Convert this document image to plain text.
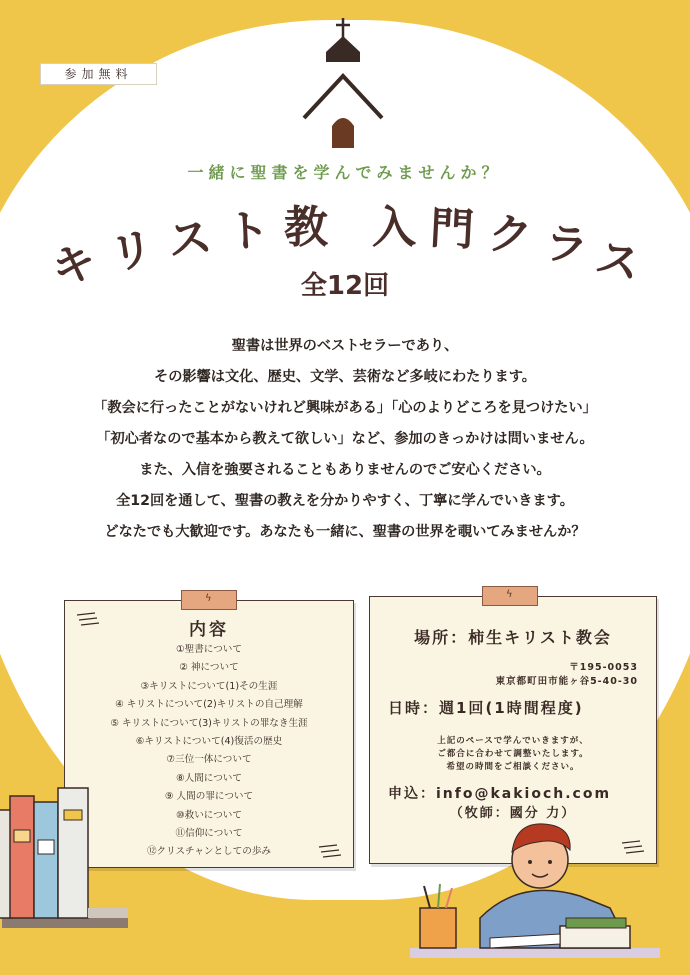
参加無料
一緒に聖書を学んでみませんか？
キ リ ス ト 教 入 門 ク ラ
ス
全12回

聖書は世界のベストセラーであり、

その影響は文化、歴史、文学、芸術など多岐にわたります。

「教会に行ったことがないけれど興味がある」「心のよりどころを見つけたい」

「初心者なので基本から教えて欲しい」など、参加のきっかけは問いません。

また、入信を強要されることもありませんのでご安心ください。

全12回を通して、聖書の教えを分かりやすく、丁寧に学んでいきます。

どなたでも大歓迎です。あなたも一緒に、聖書の世界を覗いてみませんか？

ϟ
内容
①聖書について
② 神について
③キリストについて(1)その生涯
④ キリストについて(2)キリストの自己理解
⑤ キリストについて(3)キリストの罪なき生涯
⑥キリストについて(4)復活の歴史
⑦三位一体について
⑧人間について
⑨ 人間の罪について
⑩救いについて
⑪信仰について
⑫クリスチャンとしての歩み
ϟ
場所：柿生キリスト教会
〒195-0053
東京都町田市能ヶ谷5-40-30
日時：週1回(1時間程度)
上記のペースで学んでいきますが、
ご都合に合わせて調整いたします。
希望の時間をご相談ください。
申込：info@kakioch.com
（牧師：國分 力）
